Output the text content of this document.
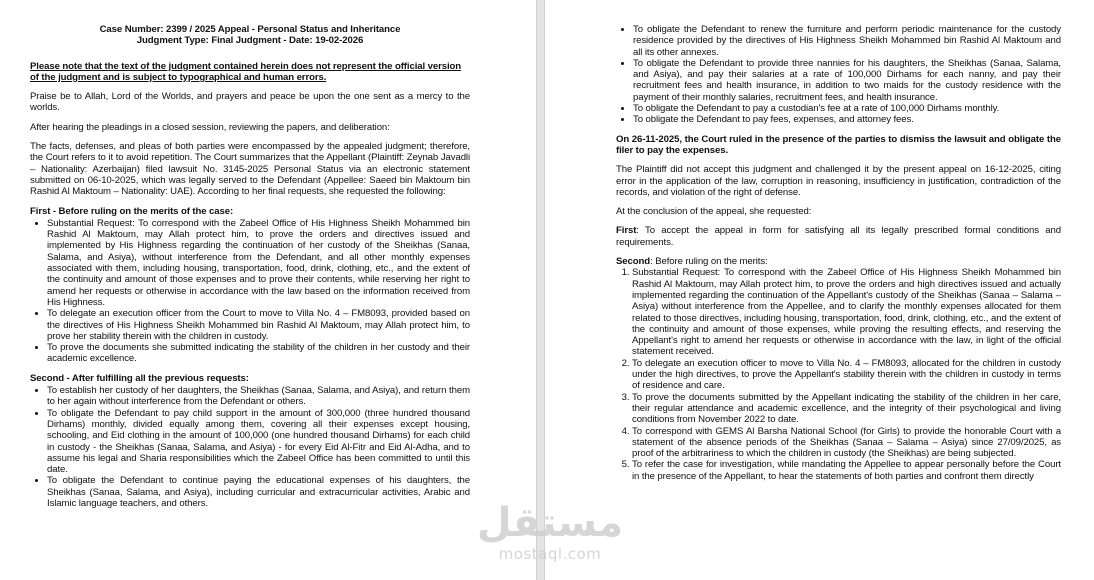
Case Number: 2399 / 2025 Appeal - Personal Status and Inheritance
Judgment Type: Final Judgment - Date: 19-02-2026

Please note that the text of the judgment contained herein does not represent the official version of the judgment and is subject to typographical and human errors.

Praise be to Allah, Lord of the Worlds, and prayers and peace be upon the one sent as a mercy to the worlds.

After hearing the pleadings in a closed session, reviewing the papers, and deliberation:

The facts, defenses, and pleas of both parties were encompassed by the appealed judgment; therefore, the Court refers to it to avoid repetition. The Court summarizes that the Appellant (Plaintiff: Zeynab Javadli – Nationality: Azerbaijan) filed lawsuit No. 3145-2025 Personal Status via an electronic statement submitted on 06-10-2025, which was legally served to the Defendant (Appellee: Saeed bin Maktoum bin Rashid Al Maktoum – Nationality: UAE). According to her final requests, she requested the following:

First - Before ruling on the merits of the case:
• Substantial Request: To correspond with the Zabeel Office of His Highness Sheikh Mohammed bin Rashid Al Maktoum, may Allah protect him, to prove the orders and directives issued and implemented by His Highness regarding the continuation of her custody of the Sheikhas (Sanaa, Salama, and Asiya), without interference from the Defendant, and all other monthly expenses associated with them, including housing, transportation, food, drink, clothing, etc., and the extent of the continuity and amount of those expenses and to prove their contents, while reserving her right to amend her requests or otherwise in accordance with the law based on the information received from His Highness.
• To delegate an execution officer from the Court to move to Villa No. 4 – FM8093, provided based on the directives of His Highness Sheikh Mohammed bin Rashid Al Maktoum, may Allah protect him, to prove her stability therein with the children in custody.
• To prove the documents she submitted indicating the stability of the children in her custody and their academic excellence.
Second - After fulfilling all the previous requests:
• To establish her custody of her daughters, the Sheikhas (Sanaa, Salama, and Asiya), and return them to her again without interference from the Defendant or others.
• To obligate the Defendant to pay child support in the amount of 300,000 (three hundred thousand Dirhams) monthly, divided equally among them, covering all their expenses except housing, schooling, and Eid clothing in the amount of 100,000 (one hundred thousand Dirhams) for each child in custody - the Sheikhas (Sanaa, Salama, and Asiya) - for every Eid Al-Fitr and Eid Al-Adha, and to assume his legal and Sharia responsibilities which the Zabeel Office has been committed to until this date.
• To obligate the Defendant to continue paying the educational expenses of his daughters, the Sheikhas (Sanaa, Salama, and Asiya), including curricular and extracurricular activities, Arabic and Islamic language teachers, and others.
• To obligate the Defendant to renew the furniture and perform periodic maintenance for the custody residence provided by the directives of His Highness Sheikh Mohammed bin Rashid Al Maktoum and all its other annexes.
• To obligate the Defendant to provide three nannies for his daughters, the Sheikhas (Sanaa, Salama, and Asiya), and pay their salaries at a rate of 100,000 Dirhams for each nanny, and pay their recruitment fees and health insurance, in addition to two maids for the custody residence with the payment of their monthly salaries, recruitment fees, and health insurance.
• To obligate the Defendant to pay a custodian's fee at a rate of 100,000 Dirhams monthly.
• To obligate the Defendant to pay fees, expenses, and attorney fees.

On 26-11-2025, the Court ruled in the presence of the parties to dismiss the lawsuit and obligate the filer to pay the expenses.

The Plaintiff did not accept this judgment and challenged it by the present appeal on 16-12-2025, citing error in the application of the law, corruption in reasoning, insufficiency in justification, contradiction of the records, and violation of the right of defense.

At the conclusion of the appeal, she requested:

First: To accept the appeal in form for satisfying all its legally prescribed formal conditions and requirements.

Second: Before ruling on the merits:

1. Substantial Request: To correspond with the Zabeel Office of His Highness Sheikh Mohammed bin Rashid Al Maktoum, may Allah protect him, to prove the orders and high directives issued and actually implemented regarding the continuation of the Appellant's custody of the Sheikhas (Sanaa – Salama – Asiya) without interference from the Appellee, and to clarify the monthly expenses allocated for them related to those directives, including housing, transportation, food, drink, clothing, etc., and the extent of the continuity and amount of those expenses, while proving the resulting effects, and reserving the Appellant's right to amend her requests or otherwise in accordance with the law, in light of the official statement received.
2. To delegate an execution officer to move to Villa No. 4 – FM8093, allocated for the children in custody under the high directives, to prove the Appellant's stability therein with the children in custody in terms of residence and care.
3. To prove the documents submitted by the Appellant indicating the stability of the children in her care, their regular attendance and academic excellence, and the integrity of their psychological and living conditions from November 2022 to date.
4. To correspond with GEMS Al Barsha National School (for Girls) to provide the honorable Court with a statement of the absence periods of the Sheikhas (Sanaa – Salama – Asiya) since 27/09/2025, as proof of the arbitrariness to which the children in custody (the Sheikhas) are being subjected.
5. To refer the case for investigation, while mandating the Appellee to appear personally before the Court in the presence of the Appellant, to hear the statements of both parties and confront them directly
مستقل
mostaql.com
